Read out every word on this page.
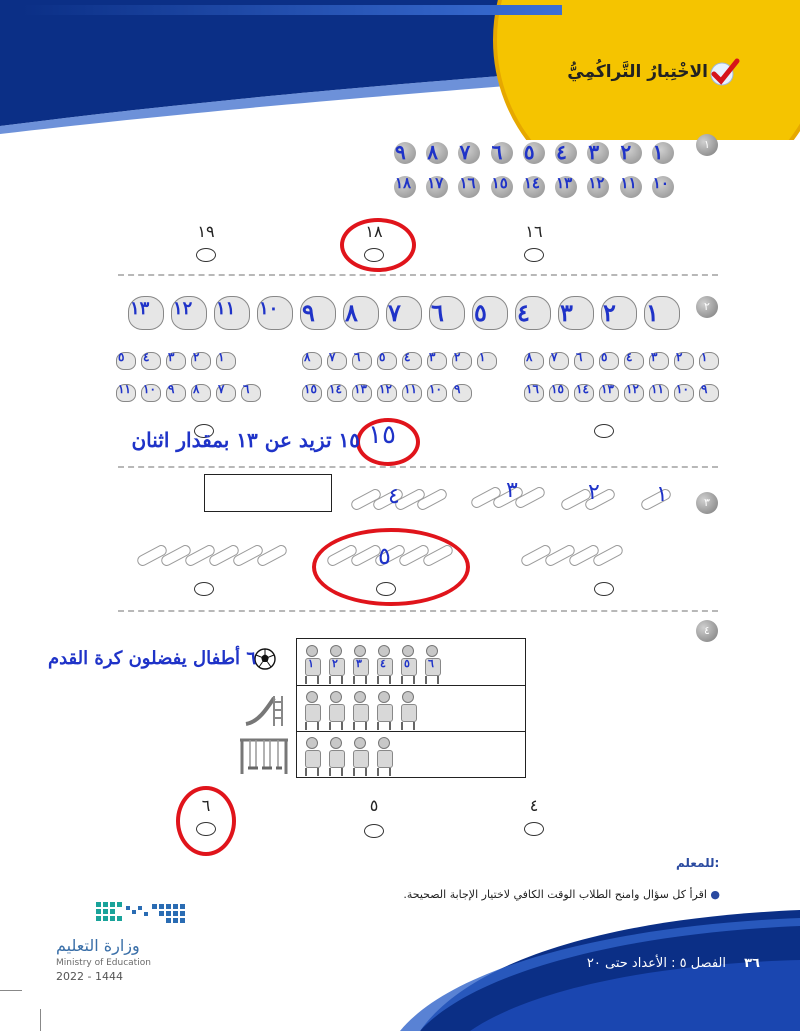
الاخْتِبارُ التَّراكُمِيُّ
١
٩ ٨ ٧ ٦ ٥ ٤ ٣ ٢ ١
١٨ ١٧ ١٦ ١٥ ١٤ ١٣ ١٢ ١١ ١٠
١٦
١٨
١٩
٢
١٣ ١٢ ١١ ١٠ ٩ ٨ ٧ ٦ ٥ ٤ ٣ ٢ ١
٥ ٤ ٣ ٢ ١
١١ ١٠ ٩ ٨ ٧ ٦
٨ ٧ ٦ ٥ ٤ ٣ ٢ ١
١٥ ١٤ ١٣ ١٢ ١١ ١٠ ٩
٨ ٧ ٦ ٥ ٤ ٣ ٢ ١
١٦ ١٥ ١٤ ١٣ ١٢ ١١ ١٠ ٩
١٥
١٥ تزيد عن ١٣ بمقدار اثنان
٣
١
٢
٣
٤
٥
٤
١ ٢ ٣ ٤ ٥ ٦
٦ أطفال يفضلون كرة القدم
٤
٥
٦
للمعلم:
● اقرأ كل سؤال وامنح الطلاب الوقت الكافي لاختيار الإجابة الصحيحة.
وزارة التعليم
Ministry of Education
2022 - 1444
٣٦ الفصل ٥ : الأعداد حتى ٢٠
